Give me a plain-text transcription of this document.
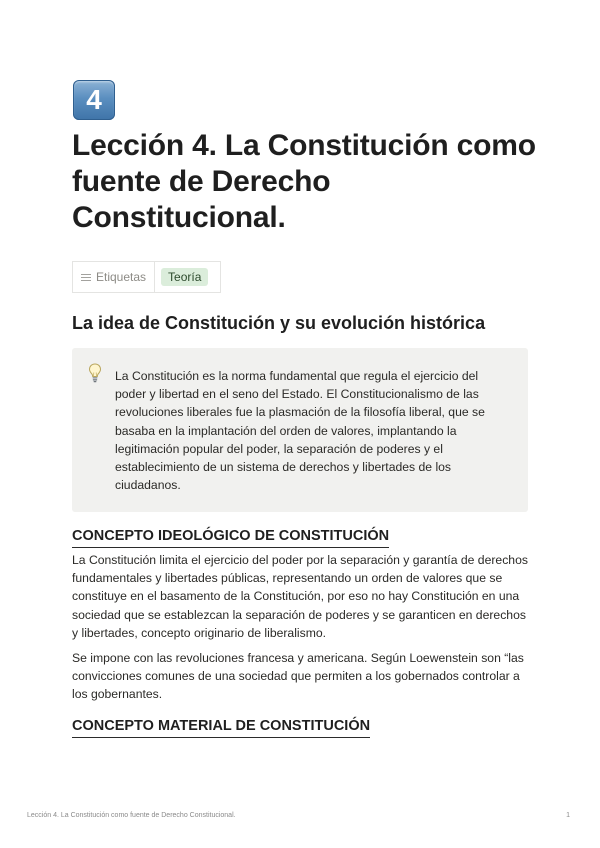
4
Lección 4. La Constitución como fuente de Derecho Constitucional.
Etiquetas	Teoría
La idea de Constitución y su evolución histórica

La Constitución es la norma fundamental que regula el ejercicio del poder y libertad en el seno del Estado. El Constitucionalismo de las revoluciones liberales fue la plasmación de la filosofía liberal, que se basaba en la implantación del orden de valores, implantando la legitimación popular del poder, la separación de poderes y el establecimiento de un sistema de derechos y libertades de los ciudadanos.

CONCEPTO IDEOLÓGICO DE CONSTITUCIÓN

La Constitución limita el ejercicio del poder por la separación y garantía de derechos fundamentales y libertades públicas, representando un orden de valores que se constituye en el basamento de la Constitución, por eso no hay Constitución en una sociedad que se establezcan la separación de poderes y se garanticen en derechos y libertades, concepto originario de liberalismo.

Se impone con las revoluciones francesa y americana. Según Loewenstein son “las convicciones comunes de una sociedad que permiten a los gobernados controlar a los gobernantes.

CONCEPTO MATERIAL DE CONSTITUCIÓN
Lección 4. La Constitución como fuente de Derecho Constitucional.	1
